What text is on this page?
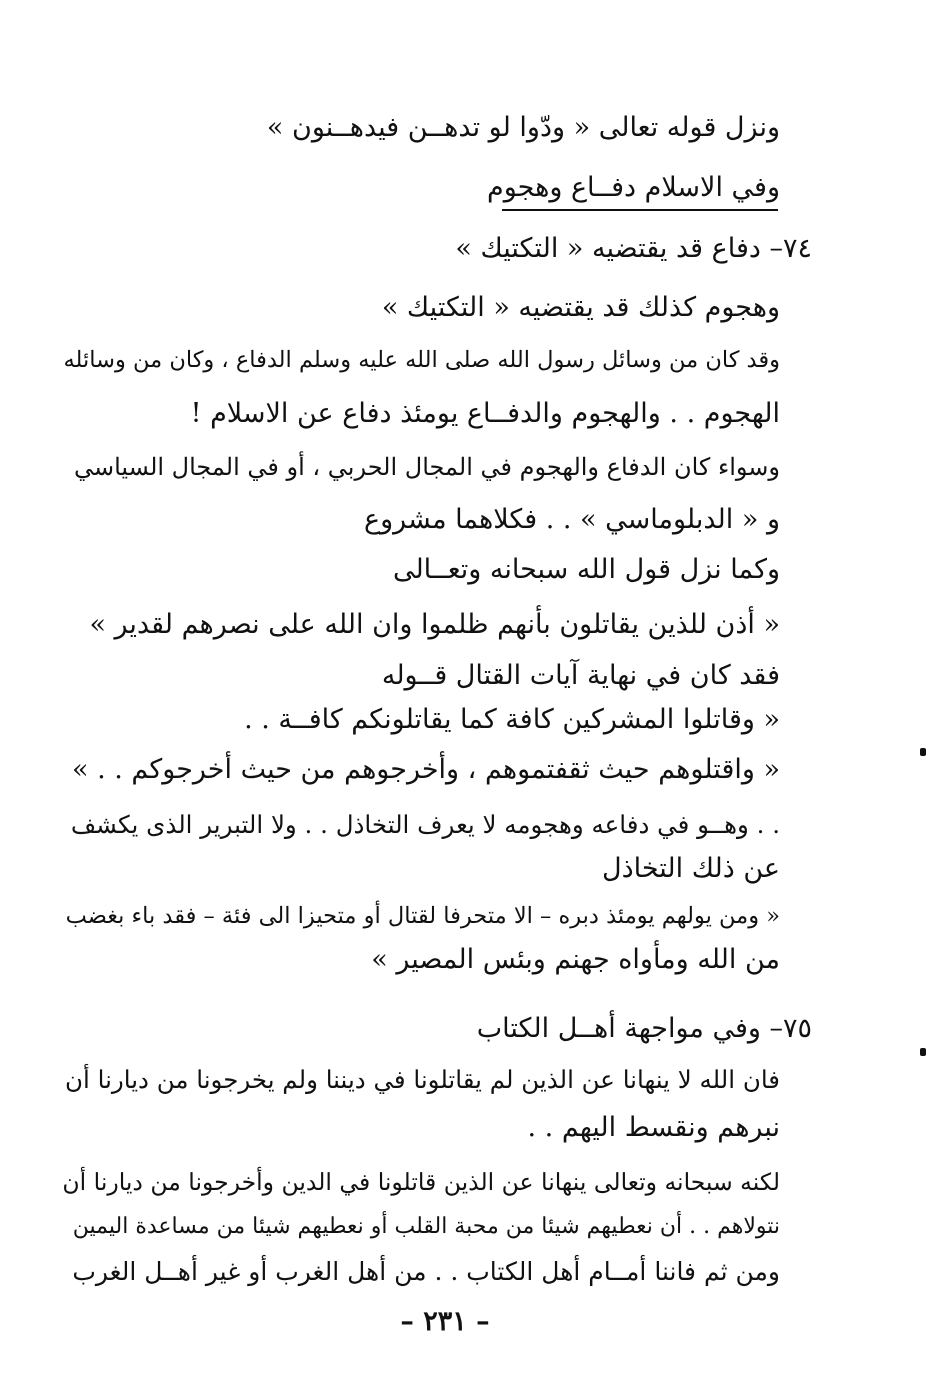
ونزل قوله تعالى « ودّوا لو تدهــن فيدهــنون »
وفي الاسلام دفــاع وهجوم
٧٤– دفاع قد يقتضيه « التكتيك »
وهجوم كذلك قد يقتضيه « التكتيك »
وقد كان من وسائل رسول الله صلى الله عليه وسلم الدفاع ، وكان من وسائله
الهجوم . . والهجوم والدفــاع يومئذ دفاع عن الاسلام !
وسواء كان الدفاع والهجوم في المجال الحربي ، أو في المجال السياسي
و « الدبلوماسي » . . فكلاهما مشروع
وكما نزل قول الله سبحانه وتعــالى
« أذن للذين يقاتلون بأنهم ظلموا وان الله على نصرهم لقدير »
فقد كان في نهاية آيات القتال قــوله
« وقاتلوا المشركين كافة كما يقاتلونكم كافــة . .
« واقتلوهم حيث ثقفتموهم ، وأخرجوهم من حيث أخرجوكم . . »
. . وهــو في دفاعه وهجومه لا يعرف التخاذل . . ولا التبرير الذى يكشف
عن ذلك التخاذل
« ومن يولهم يومئذ دبره – الا متحرفا لقتال أو متحيزا الى فئة – فقد باء بغضب
من الله ومأواه جهنم وبئس المصير »
٧٥– وفي مواجهة أهــل الكتاب
فان الله لا ينهانا عن الذين لم يقاتلونا في ديننا ولم يخرجونا من ديارنا أن
نبرهم ونقسط اليهم . .
لكنه سبحانه وتعالى ينهانا عن الذين قاتلونا في الدين وأخرجونا من ديارنا أن
نتولاهم . . أن نعطيهم شيئا من محبة القلب أو نعطيهم شيئا من مساعدة اليمين
ومن ثم فاننا أمــام أهل الكتاب . . من أهل الغرب أو غير أهــل الغرب
– ٢٣١ –
